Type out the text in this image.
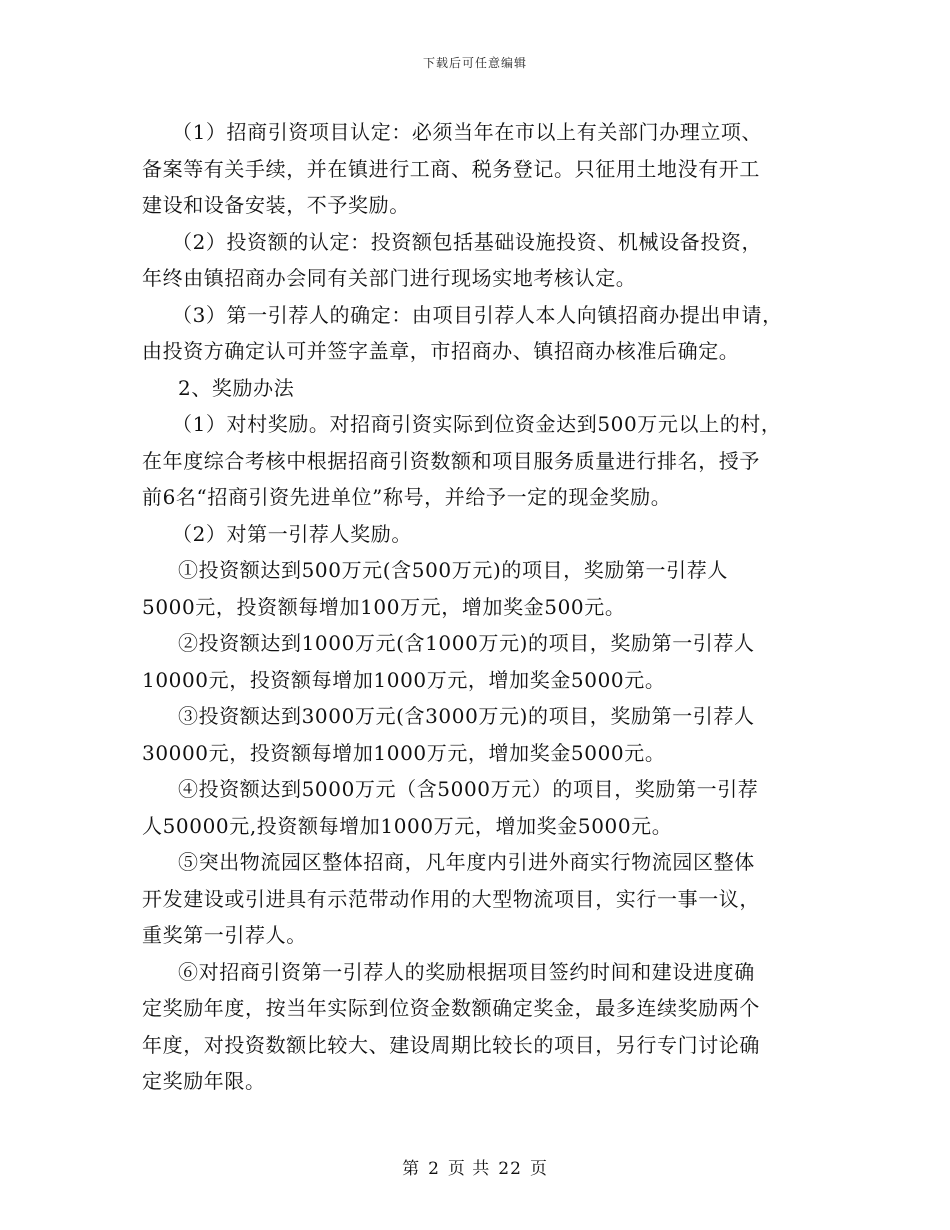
下载后可任意编辑
（1）招商引资项目认定：必须当年在市以上有关部门办理立项、
备案等有关手续，并在镇进行工商、税务登记。只征用土地没有开工
建设和设备安装，不予奖励。
（2）投资额的认定：投资额包括基础设施投资、机械设备投资，
年终由镇招商办会同有关部门进行现场实地考核认定。
（3）第一引荐人的确定：由项目引荐人本人向镇招商办提出申请，
由投资方确定认可并签字盖章，市招商办、镇招商办核准后确定。
2、奖励办法
（1）对村奖励。对招商引资实际到位资金达到500万元以上的村，
在年度综合考核中根据招商引资数额和项目服务质量进行排名，授予
前6名“招商引资先进单位”称号，并给予一定的现金奖励。
（2）对第一引荐人奖励。
①投资额达到500万元(含500万元)的项目，奖励第一引荐人
5000元，投资额每增加100万元，增加奖金500元。
②投资额达到1000万元(含1000万元)的项目，奖励第一引荐人
10000元，投资额每增加1000万元，增加奖金5000元。
③投资额达到3000万元(含3000万元)的项目，奖励第一引荐人
30000元，投资额每增加1000万元，增加奖金5000元。
④投资额达到5000万元（含5000万元）的项目，奖励第一引荐
人50000元,投资额每增加1000万元，增加奖金5000元。
⑤突出物流园区整体招商，凡年度内引进外商实行物流园区整体
开发建设或引进具有示范带动作用的大型物流项目，实行一事一议，
重奖第一引荐人。
⑥对招商引资第一引荐人的奖励根据项目签约时间和建设进度确
定奖励年度，按当年实际到位资金数额确定奖金，最多连续奖励两个
年度，对投资数额比较大、建设周期比较长的项目，另行专门讨论确
定奖励年限。
第 2 页 共 22 页
